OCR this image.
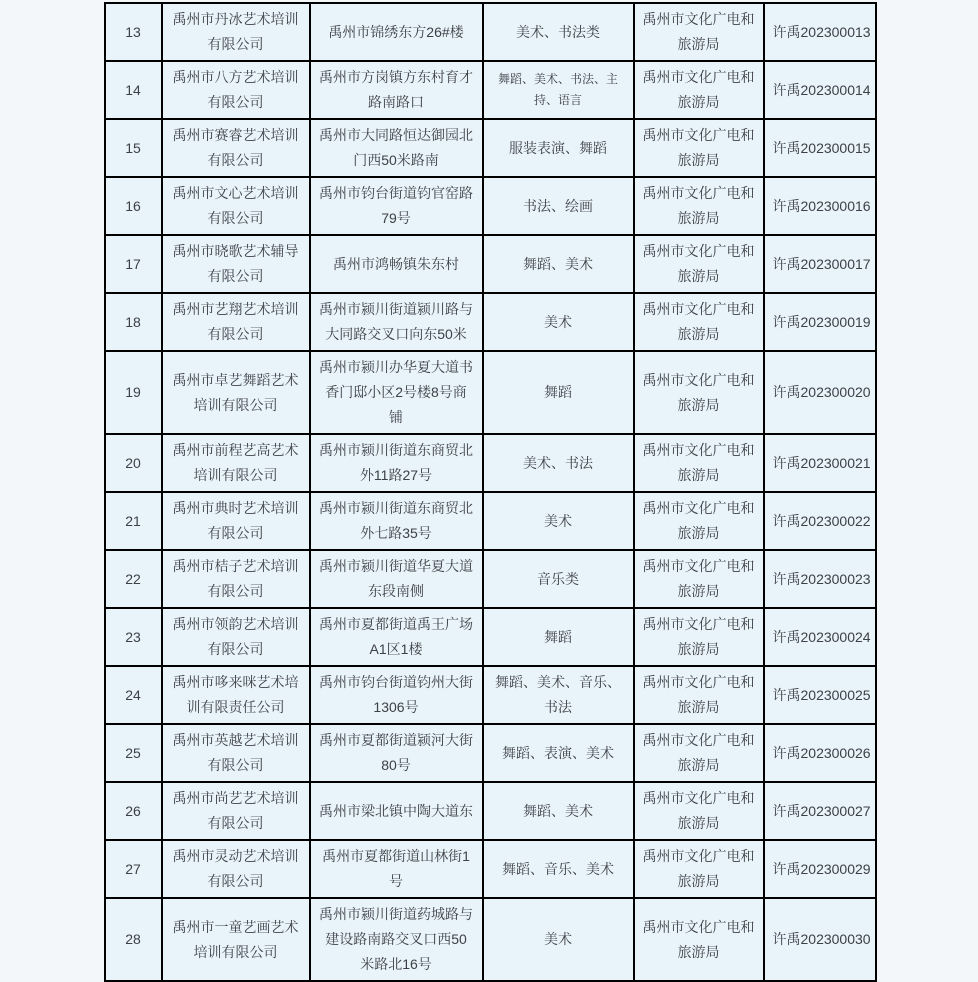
13	禹州市丹冰艺术培训有限公司	禹州市锦绣东方26#楼	美术、书法类	禹州市文化广电和旅游局	许禹202300013
14	禹州市八方艺术培训有限公司	禹州市方岗镇方东村育才路南路口	舞蹈、美术、书法、主持、语言	禹州市文化广电和旅游局	许禹202300014
15	禹州市赛睿艺术培训有限公司	禹州市大同路恒达御园北门西50米路南	服装表演、舞蹈	禹州市文化广电和旅游局	许禹202300015
16	禹州市文心艺术培训有限公司	禹州市钧台街道钧官窑路79号	书法、绘画	禹州市文化广电和旅游局	许禹202300016
17	禹州市晓歌艺术辅导有限公司	禹州市鸿畅镇朱东村	舞蹈、美术	禹州市文化广电和旅游局	许禹202300017
18	禹州市艺翔艺术培训有限公司	禹州市颍川街道颍川路与大同路交叉口向东50米	美术	禹州市文化广电和旅游局	许禹202300019
19	禹州市卓艺舞蹈艺术培训有限公司	禹州市颍川办华夏大道书香门邸小区2号楼8号商铺	舞蹈	禹州市文化广电和旅游局	许禹202300020
20	禹州市前程艺高艺术培训有限公司	禹州市颍川街道东商贸北外11路27号	美术、书法	禹州市文化广电和旅游局	许禹202300021
21	禹州市典时艺术培训有限公司	禹州市颍川街道东商贸北外七路35号	美术	禹州市文化广电和旅游局	许禹202300022
22	禹州市桔子艺术培训有限公司	禹州市颍川街道华夏大道东段南侧	音乐类	禹州市文化广电和旅游局	许禹202300023
23	禹州市领韵艺术培训有限公司	禹州市夏都街道禹王广场A1区1楼	舞蹈	禹州市文化广电和旅游局	许禹202300024
24	禹州市哆来咪艺术培训有限责任公司	禹州市钧台街道钧州大街1306号	舞蹈、美术、音乐、书法	禹州市文化广电和旅游局	许禹202300025
25	禹州市英越艺术培训有限公司	禹州市夏都街道颍河大街80号	舞蹈、表演、美术	禹州市文化广电和旅游局	许禹202300026
26	禹州市尚艺艺术培训有限公司	禹州市梁北镇中陶大道东	舞蹈、美术	禹州市文化广电和旅游局	许禹202300027
27	禹州市灵动艺术培训有限公司	禹州市夏都街道山林街1号	舞蹈、音乐、美术	禹州市文化广电和旅游局	许禹202300029
28	禹州市一童艺画艺术培训有限公司	禹州市颍川街道药城路与建设路南路交叉口西50米路北16号	美术	禹州市文化广电和旅游局	许禹202300030
